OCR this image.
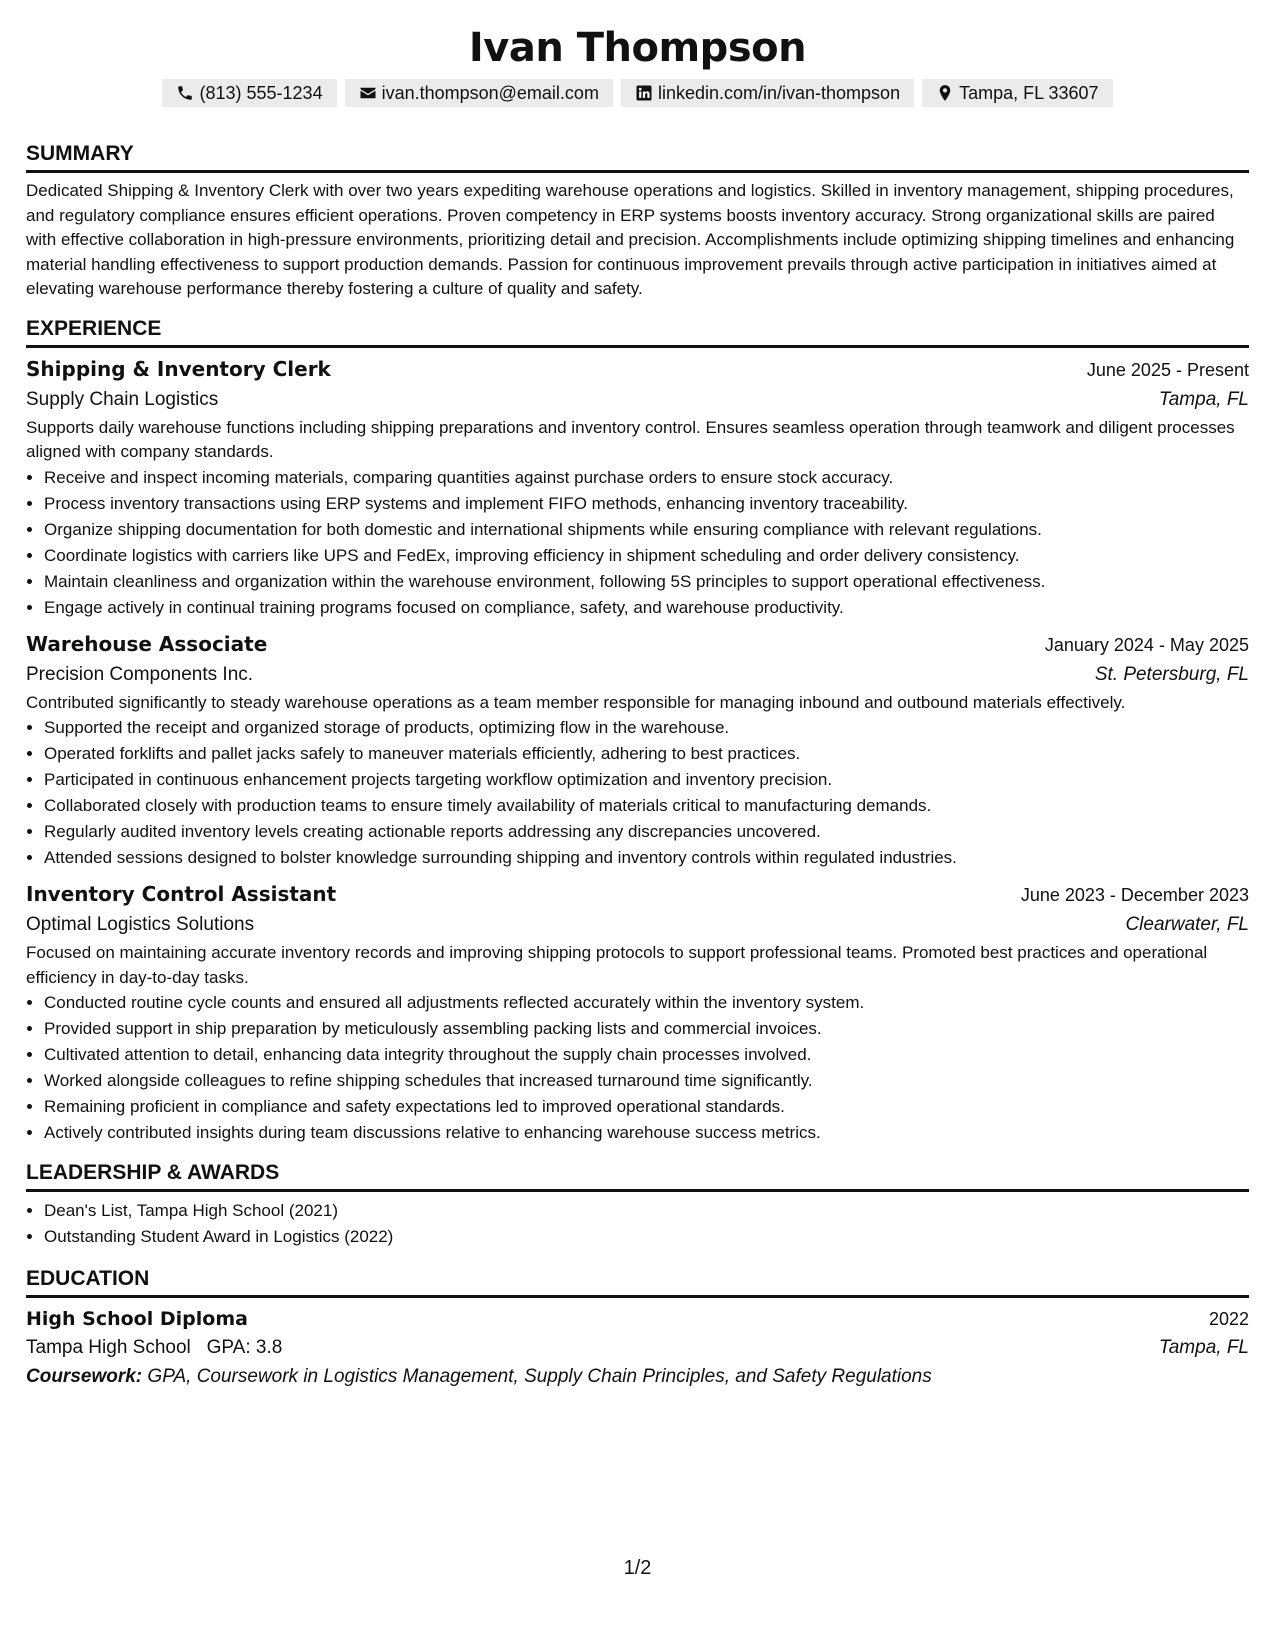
Ivan Thompson
(813) 555-1234	ivan.thompson@email.com	linkedin.com/in/ivan-thompson	Tampa, FL 33607
SUMMARY
Dedicated Shipping & Inventory Clerk with over two years expediting warehouse operations and logistics. Skilled in inventory management, shipping procedures, and regulatory compliance ensures efficient operations. Proven competency in ERP systems boosts inventory accuracy. Strong organizational skills are paired with effective collaboration in high-pressure environments, prioritizing detail and precision. Accomplishments include optimizing shipping timelines and enhancing material handling effectiveness to support production demands. Passion for continuous improvement prevails through active participation in initiatives aimed at elevating warehouse performance thereby fostering a culture of quality and safety.
EXPERIENCE
Shipping & Inventory Clerk	June 2025 - Present
Supply Chain Logistics	Tampa, FL
Supports daily warehouse functions including shipping preparations and inventory control. Ensures seamless operation through teamwork and diligent processes aligned with company standards.
• Receive and inspect incoming materials, comparing quantities against purchase orders to ensure stock accuracy.
• Process inventory transactions using ERP systems and implement FIFO methods, enhancing inventory traceability.
• Organize shipping documentation for both domestic and international shipments while ensuring compliance with relevant regulations.
• Coordinate logistics with carriers like UPS and FedEx, improving efficiency in shipment scheduling and order delivery consistency.
• Maintain cleanliness and organization within the warehouse environment, following 5S principles to support operational effectiveness.
• Engage actively in continual training programs focused on compliance, safety, and warehouse productivity.
Warehouse Associate	January 2024 - May 2025
Precision Components Inc.	St. Petersburg, FL
Contributed significantly to steady warehouse operations as a team member responsible for managing inbound and outbound materials effectively.
• Supported the receipt and organized storage of products, optimizing flow in the warehouse.
• Operated forklifts and pallet jacks safely to maneuver materials efficiently, adhering to best practices.
• Participated in continuous enhancement projects targeting workflow optimization and inventory precision.
• Collaborated closely with production teams to ensure timely availability of materials critical to manufacturing demands.
• Regularly audited inventory levels creating actionable reports addressing any discrepancies uncovered.
• Attended sessions designed to bolster knowledge surrounding shipping and inventory controls within regulated industries.
Inventory Control Assistant	June 2023 - December 2023
Optimal Logistics Solutions	Clearwater, FL
Focused on maintaining accurate inventory records and improving shipping protocols to support professional teams. Promoted best practices and operational efficiency in day-to-day tasks.
• Conducted routine cycle counts and ensured all adjustments reflected accurately within the inventory system.
• Provided support in ship preparation by meticulously assembling packing lists and commercial invoices.
• Cultivated attention to detail, enhancing data integrity throughout the supply chain processes involved.
• Worked alongside colleagues to refine shipping schedules that increased turnaround time significantly.
• Remaining proficient in compliance and safety expectations led to improved operational standards.
• Actively contributed insights during team discussions relative to enhancing warehouse success metrics.
LEADERSHIP & AWARDS
• Dean's List, Tampa High School (2021)
• Outstanding Student Award in Logistics (2022)
EDUCATION
High School Diploma	2022
Tampa High School GPA: 3.8	Tampa, FL
Coursework: GPA, Coursework in Logistics Management, Supply Chain Principles, and Safety Regulations
1/2
